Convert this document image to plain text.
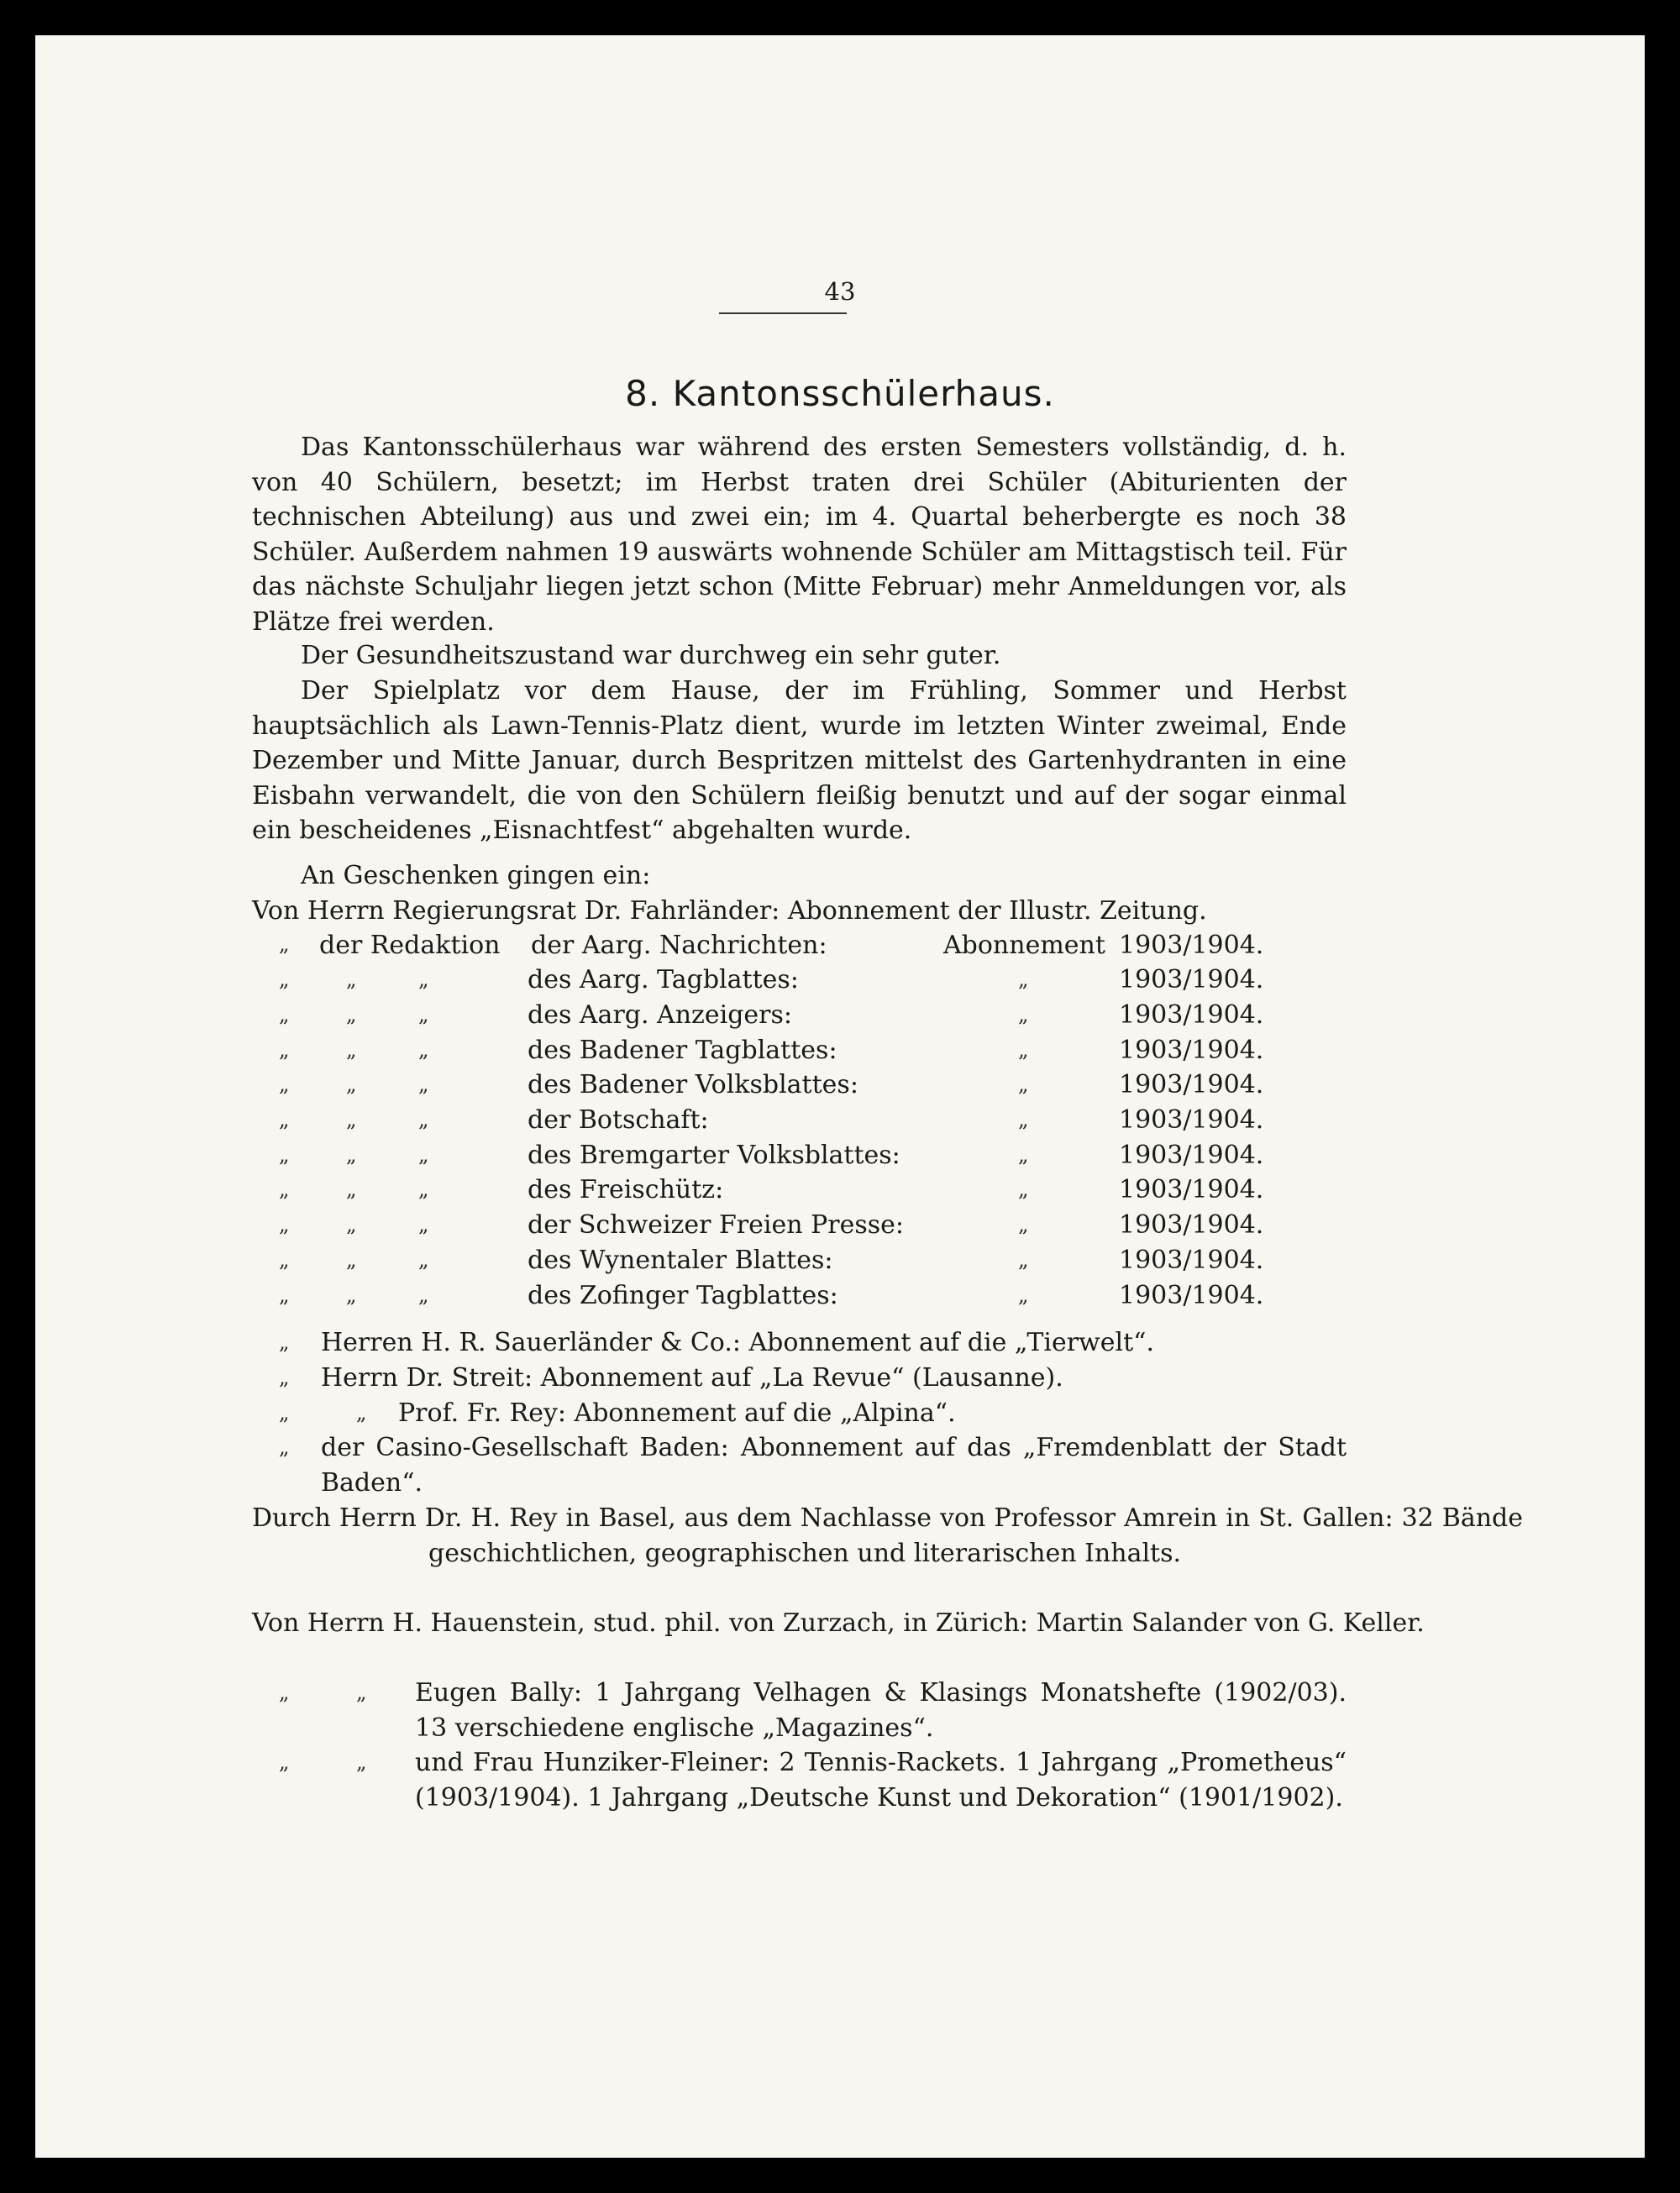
43
8. Kantonsschülerhaus.

Das Kantonsschülerhaus war während des ersten Semesters vollständig, d. h. von 40 Schülern, besetzt; im Herbst traten drei Schüler (Abiturienten der technischen Abteilung) aus und zwei ein; im 4. Quartal beherbergte es noch 38 Schüler. Außerdem nahmen 19 auswärts wohnende Schüler am Mittagstisch teil. Für das nächste Schuljahr liegen jetzt schon (Mitte Februar) mehr Anmeldungen vor, als Plätze frei werden.

Der Gesundheitszustand war durchweg ein sehr guter.

Der Spielplatz vor dem Hause, der im Frühling, Sommer und Herbst hauptsächlich als Lawn-Tennis-Platz dient, wurde im letzten Winter zweimal, Ende Dezember und Mitte Januar, durch Bespritzen mittelst des Gartenhydranten in eine Eisbahn verwandelt, die von den Schülern fleißig benutzt und auf der sogar einmal ein bescheidenes „Eisnachtfest“ abgehalten wurde.

An Geschenken gingen ein:

Von Herrn Regierungsrat Dr. Fahrländer: Abonnement der Illustr. Zeitung.

„ der Redaktion der Aarg. Nachrichten:	Abonnement 1903/1904.
„	„	„	des Aarg. Tagblattes:	„	1903/1904.
„	„	„	des Aarg. Anzeigers:	„	1903/1904.
„	„	„	des Badener Tagblattes:	„	1903/1904.
„	„	„	des Badener Volksblattes:	„	1903/1904.
„	„	„	der Botschaft:	„	1903/1904.
„	„	„	des Bremgarter Volksblattes:	„	1903/1904.
„	„	„	des Freischütz:	„	1903/1904.
„	„	„	der Schweizer Freien Presse:	„	1903/1904.
„	„	„	des Wynentaler Blattes:	„	1903/1904.
„	„	„	des Zofinger Tagblattes:	„	1903/1904.
„ Herren H. R. Sauerländer & Co.: Abonnement auf die „Tierwelt“.

„ Herrn Dr. Streit: Abonnement auf „La Revue“ (Lausanne).

„	„ Prof. Fr. Rey: Abonnement auf die „Alpina“.

„ der Casino-Gesellschaft Baden: Abonnement auf das „Fremdenblatt der Stadt Baden“.

Durch Herrn Dr. H. Rey in Basel, aus dem Nachlasse von Professor Amrein in St. Gallen: 32 Bände geschichtlichen, geographischen und literarischen Inhalts.

Von Herrn H. Hauenstein, stud. phil. von Zurzach, in Zürich: Martin Salander von G. Keller.

„	„ Eugen Bally: 1 Jahrgang Velhagen & Klasings Monatshefte (1902/03). 13 verschiedene englische „Magazines“.

„	„ und Frau Hunziker-Fleiner: 2 Tennis-Rackets. 1 Jahrgang „Prometheus“ (1903/1904). 1 Jahrgang „Deutsche Kunst und Dekoration“ (1901/1902).
